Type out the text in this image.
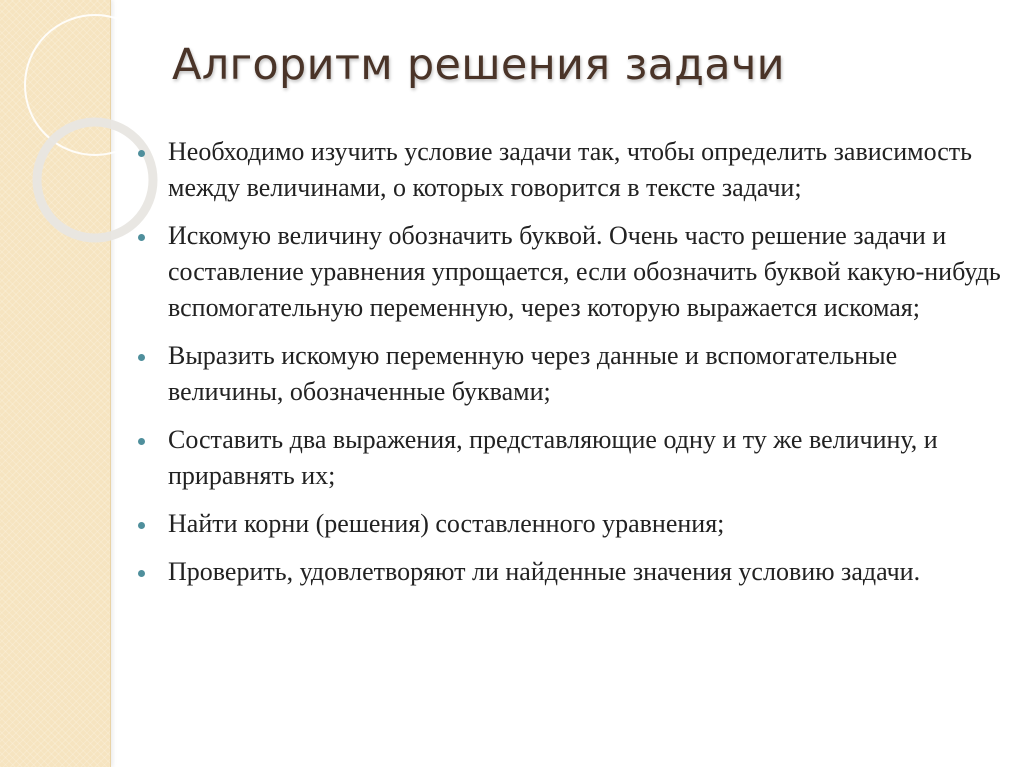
Алгоритм решения задачи
Необходимо изучить условие задачи так, чтобы определить зависимость между величинами, о которых говорится в тексте задачи;
Искомую величину обозначить буквой. Очень часто решение задачи и составление уравнения упрощается, если обозначить буквой какую-нибудь вспомогательную переменную, через которую выражается искомая;
Выразить искомую переменную через данные и вспомогательные величины, обозначенные буквами;
Составить два выражения, представляющие одну и ту же величину, и приравнять их;
Найти корни (решения) составленного уравнения;
Проверить, удовлетворяют ли найденные значения условию задачи.
